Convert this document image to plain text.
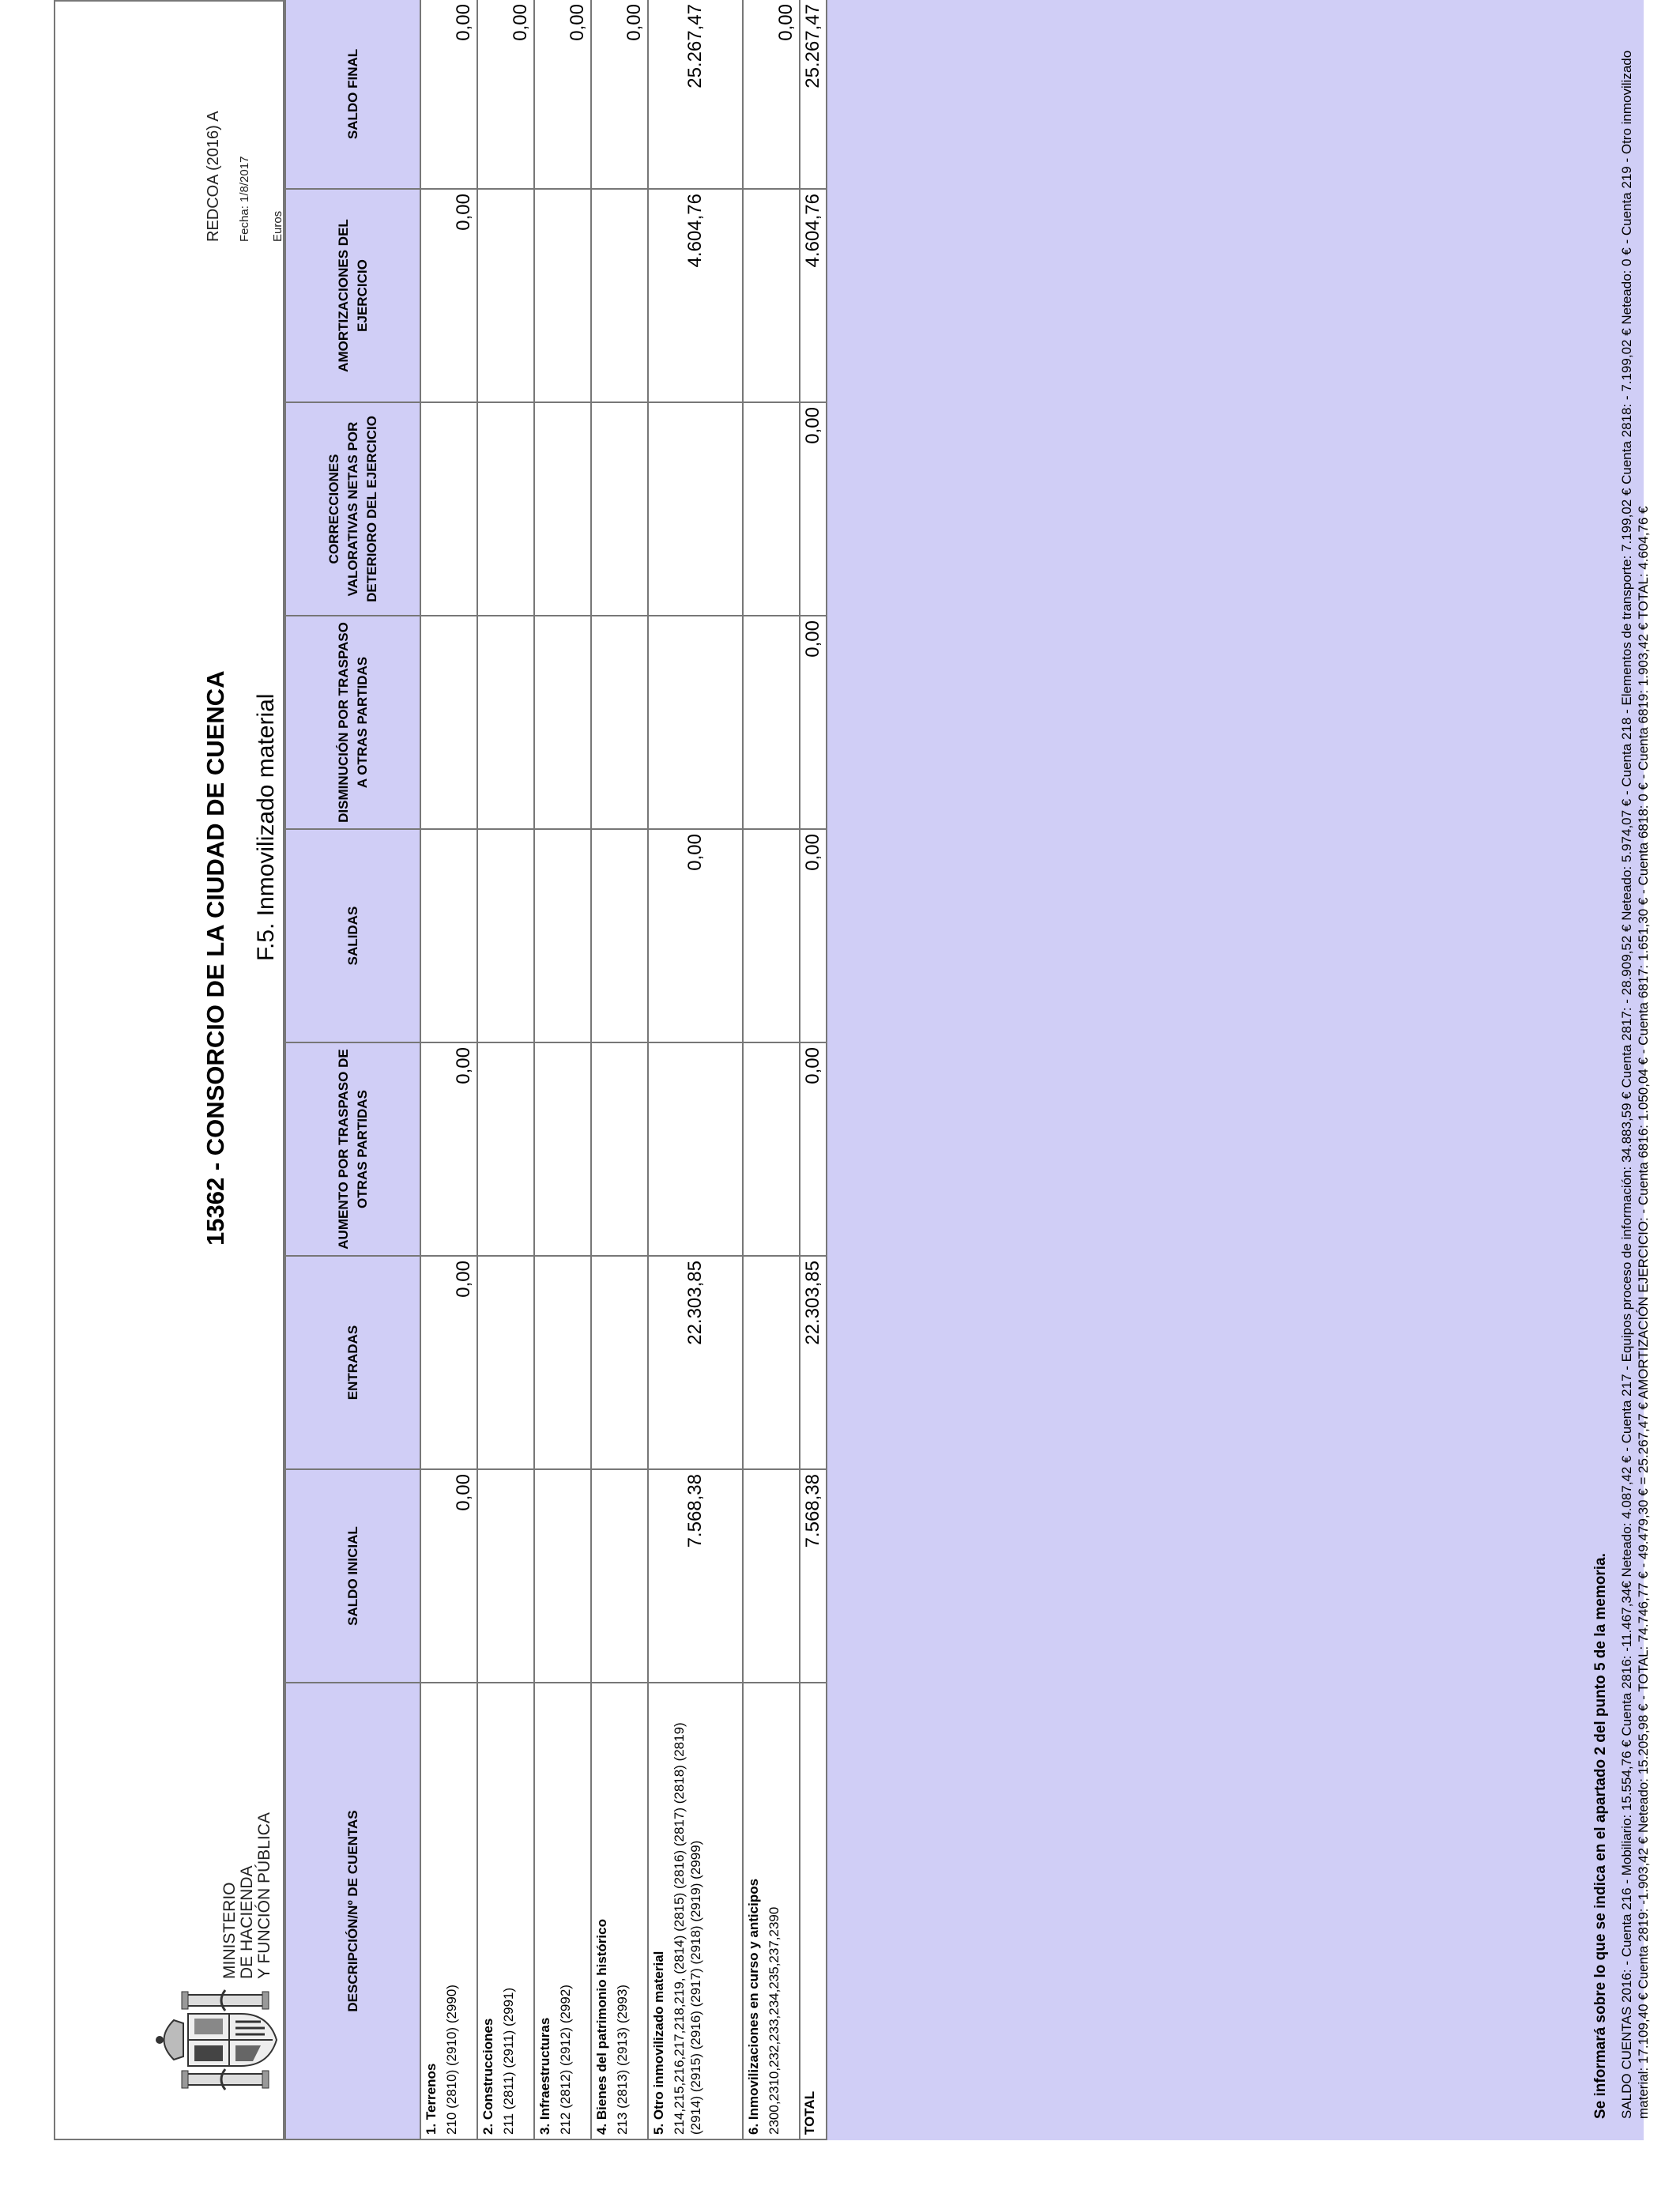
MINISTERIO DE HACIENDA Y FUNCIÓN PÚBLICA
15362 - CONSORCIO DE LA CIUDAD DE CUENCA F.5. Inmovilizado material
REDCOA (2016) A Fecha: 1/8/2017 Euros
DESCRIPCIÓN/Nº DE CUENTAS	SALDO INICIAL	ENTRADAS	AUMENTO POR TRASPASO DE OTRAS PARTIDAS	SALIDAS	DISMINUCIÓN POR TRASPASO A OTRAS PARTIDAS	CORRECCIONES VALORATIVAS NETAS POR DETERIORO DEL EJERCICIO	AMORTIZACIONES DEL EJERCICIO	SALDO FINAL

1. Terrenos 210 (2810) (2910) (2990)	0,00	0,00	0,00				0,00	0,00

2. Construcciones 211 (2811) (2911) (2991)								0,00

3. Infraestructuras 212 (2812) (2912) (2992)								0,00

4. Bienes del patrimonio histórico 213 (2813) (2913) (2993)								0,00

5. Otro inmovilizado material 214,215,216,217,218,219, (2814) (2815) (2816) (2817) (2818) (2819) (2914) (2915) (2916) (2917) (2918) (2919) (2999)	7.568,38	22.303,85		0,00			4.604,76	25.267,47

6. Inmovilizaciones en curso y anticipos 2300,2310,232,233,234,235,237,2390								0,00
TOTAL	7.568,38	22.303,85	0,00	0,00	0,00	0,00	4.604,76	25.267,47
Se informará sobre lo que se indica en el apartado 2 del punto 5 de la memoria. SALDO CUENTAS 2016: - Cuenta 216 - Mobiliario: 15.554,76 € Cuenta 2816: -11.467,34€ Neteado: 4.087,42 € - Cuenta 217 - Equipos proceso de información: 34.883,59 € Cuenta 2817: - 28.909,52 € Neteado: 5.974,07 € - Cuenta 218 - Elementos de transporte: 7.199,02 € Cuenta 2818: - 7.199,02 € Neteado: 0 € - Cuenta 219 - Otro inmovilizado material: 17.109,40 € Cuenta 2819: -1.903,42 € Neteado: 15.205,98 € - TOTAL: 74.746,77 € - 49.479,30 € = 25.267,47 € AMORTIZACIÓN EJERCICIO: - Cuenta 6816: 1.050,04 € - Cuenta 6817: 1.651,30 € - Cuenta 6818: 0 € - Cuenta 6819: 1.903,42 € TOTAL: 4.604,76 €
